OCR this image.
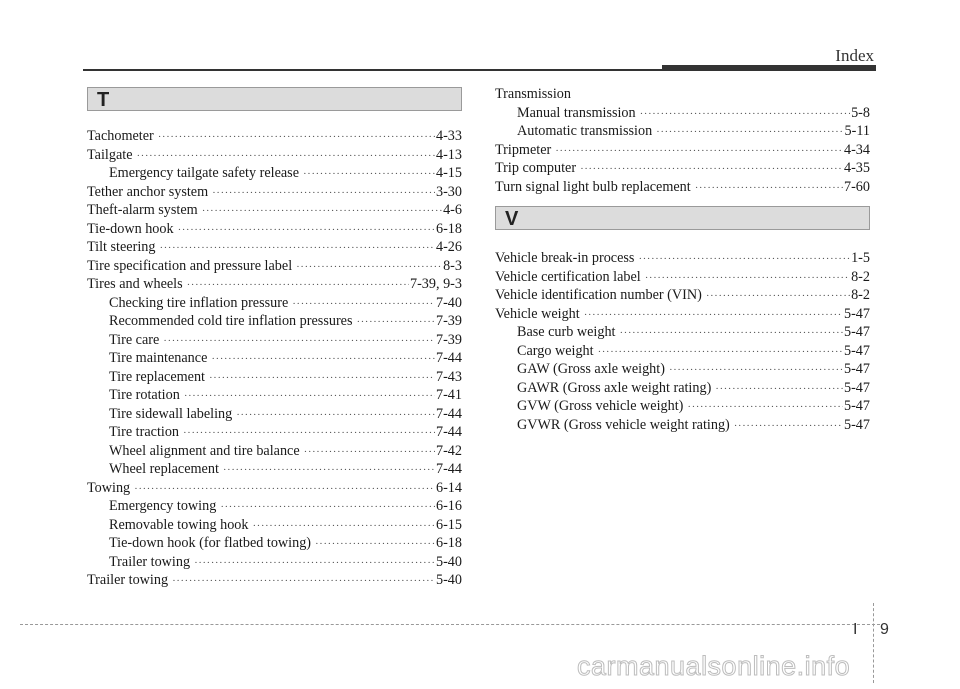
Index
T
Tachometer ·····	4-33
Tailgate ·····	4-13
Emergency tailgate safety release ·····	4-15
Tether anchor system ·····	3-30
Theft-alarm system ·····	4-6
Tie-down hook ·····	6-18
Tilt steering ·····	4-26
Tire specification and pressure label ·····	8-3
Tires and wheels ·····	7-39, 9-3
Checking tire inflation pressure ·····	7-40
Recommended cold tire inflation pressures ·····	7-39
Tire care ·····	7-39
Tire maintenance ·····	7-44
Tire replacement ·····	7-43
Tire rotation ·····	7-41
Tire sidewall labeling ·····	7-44
Tire traction ·····	7-44
Wheel alignment and tire balance ·····	7-42
Wheel replacement ·····	7-44
Towing ·····	6-14
Emergency towing ·····	6-16
Removable towing hook ·····	6-15
Tie-down hook (for flatbed towing) ·····	6-18
Trailer towing ·····	5-40
Trailer towing ·····	5-40
Transmission
Manual transmission ·····	5-8
Automatic transmission ·····	5-11
Tripmeter ·····	4-34
Trip computer ·····	4-35
Turn signal light bulb replacement ·····	7-60
V
Vehicle break-in process ·····	1-5
Vehicle certification label ·····	8-2
Vehicle identification number (VIN) ·····	8-2
Vehicle weight ·····	5-47
Base curb weight ·····	5-47
Cargo weight ·····	5-47
GAW (Gross axle weight) ·····	5-47
GAWR (Gross axle weight rating) ·····	5-47
GVW (Gross vehicle weight) ·····	5-47
GVWR (Gross vehicle weight rating) ·····	5-47
I 9
carmanualsonline.info
